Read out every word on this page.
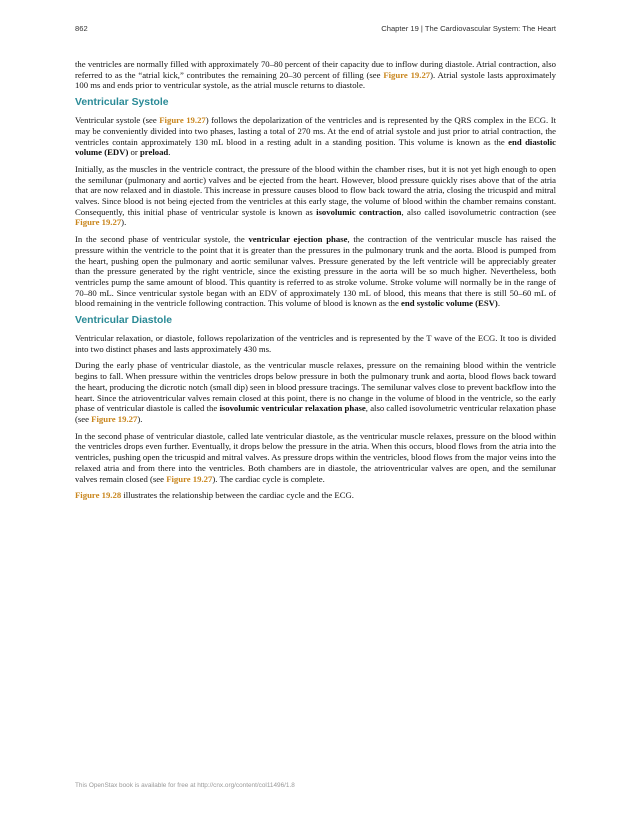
862	Chapter 19 | The Cardiovascular System: The Heart

the ventricles are normally filled with approximately 70–80 percent of their capacity due to inflow during diastole. Atrial contraction, also referred to as the “atrial kick,” contributes the remaining 20–30 percent of filling (see Figure 19.27). Atrial systole lasts approximately 100 ms and ends prior to ventricular systole, as the atrial muscle returns to diastole.

Ventricular Systole

Ventricular systole (see Figure 19.27) follows the depolarization of the ventricles and is represented by the QRS complex in the ECG. It may be conveniently divided into two phases, lasting a total of 270 ms. At the end of atrial systole and just prior to atrial contraction, the ventricles contain approximately 130 mL blood in a resting adult in a standing position. This volume is known as the end diastolic volume (EDV) or preload.

Initially, as the muscles in the ventricle contract, the pressure of the blood within the chamber rises, but it is not yet high enough to open the semilunar (pulmonary and aortic) valves and be ejected from the heart. However, blood pressure quickly rises above that of the atria that are now relaxed and in diastole. This increase in pressure causes blood to flow back toward the atria, closing the tricuspid and mitral valves. Since blood is not being ejected from the ventricles at this early stage, the volume of blood within the chamber remains constant. Consequently, this initial phase of ventricular systole is known as isovolumic contraction, also called isovolumetric contraction (see Figure 19.27).

In the second phase of ventricular systole, the ventricular ejection phase, the contraction of the ventricular muscle has raised the pressure within the ventricle to the point that it is greater than the pressures in the pulmonary trunk and the aorta. Blood is pumped from the heart, pushing open the pulmonary and aortic semilunar valves. Pressure generated by the left ventricle will be appreciably greater than the pressure generated by the right ventricle, since the existing pressure in the aorta will be so much higher. Nevertheless, both ventricles pump the same amount of blood. This quantity is referred to as stroke volume. Stroke volume will normally be in the range of 70–80 mL. Since ventricular systole began with an EDV of approximately 130 mL of blood, this means that there is still 50–60 mL of blood remaining in the ventricle following contraction. This volume of blood is known as the end systolic volume (ESV).

Ventricular Diastole

Ventricular relaxation, or diastole, follows repolarization of the ventricles and is represented by the T wave of the ECG. It too is divided into two distinct phases and lasts approximately 430 ms.

During the early phase of ventricular diastole, as the ventricular muscle relaxes, pressure on the remaining blood within the ventricle begins to fall. When pressure within the ventricles drops below pressure in both the pulmonary trunk and aorta, blood flows back toward the heart, producing the dicrotic notch (small dip) seen in blood pressure tracings. The semilunar valves close to prevent backflow into the heart. Since the atrioventricular valves remain closed at this point, there is no change in the volume of blood in the ventricle, so the early phase of ventricular diastole is called the isovolumic ventricular relaxation phase, also called isovolumetric ventricular relaxation phase (see Figure 19.27).

In the second phase of ventricular diastole, called late ventricular diastole, as the ventricular muscle relaxes, pressure on the blood within the ventricles drops even further. Eventually, it drops below the pressure in the atria. When this occurs, blood flows from the atria into the ventricles, pushing open the tricuspid and mitral valves. As pressure drops within the ventricles, blood flows from the major veins into the relaxed atria and from there into the ventricles. Both chambers are in diastole, the atrioventricular valves are open, and the semilunar valves remain closed (see Figure 19.27). The cardiac cycle is complete.

Figure 19.28 illustrates the relationship between the cardiac cycle and the ECG.

This OpenStax book is available for free at http://cnx.org/content/col11496/1.8
